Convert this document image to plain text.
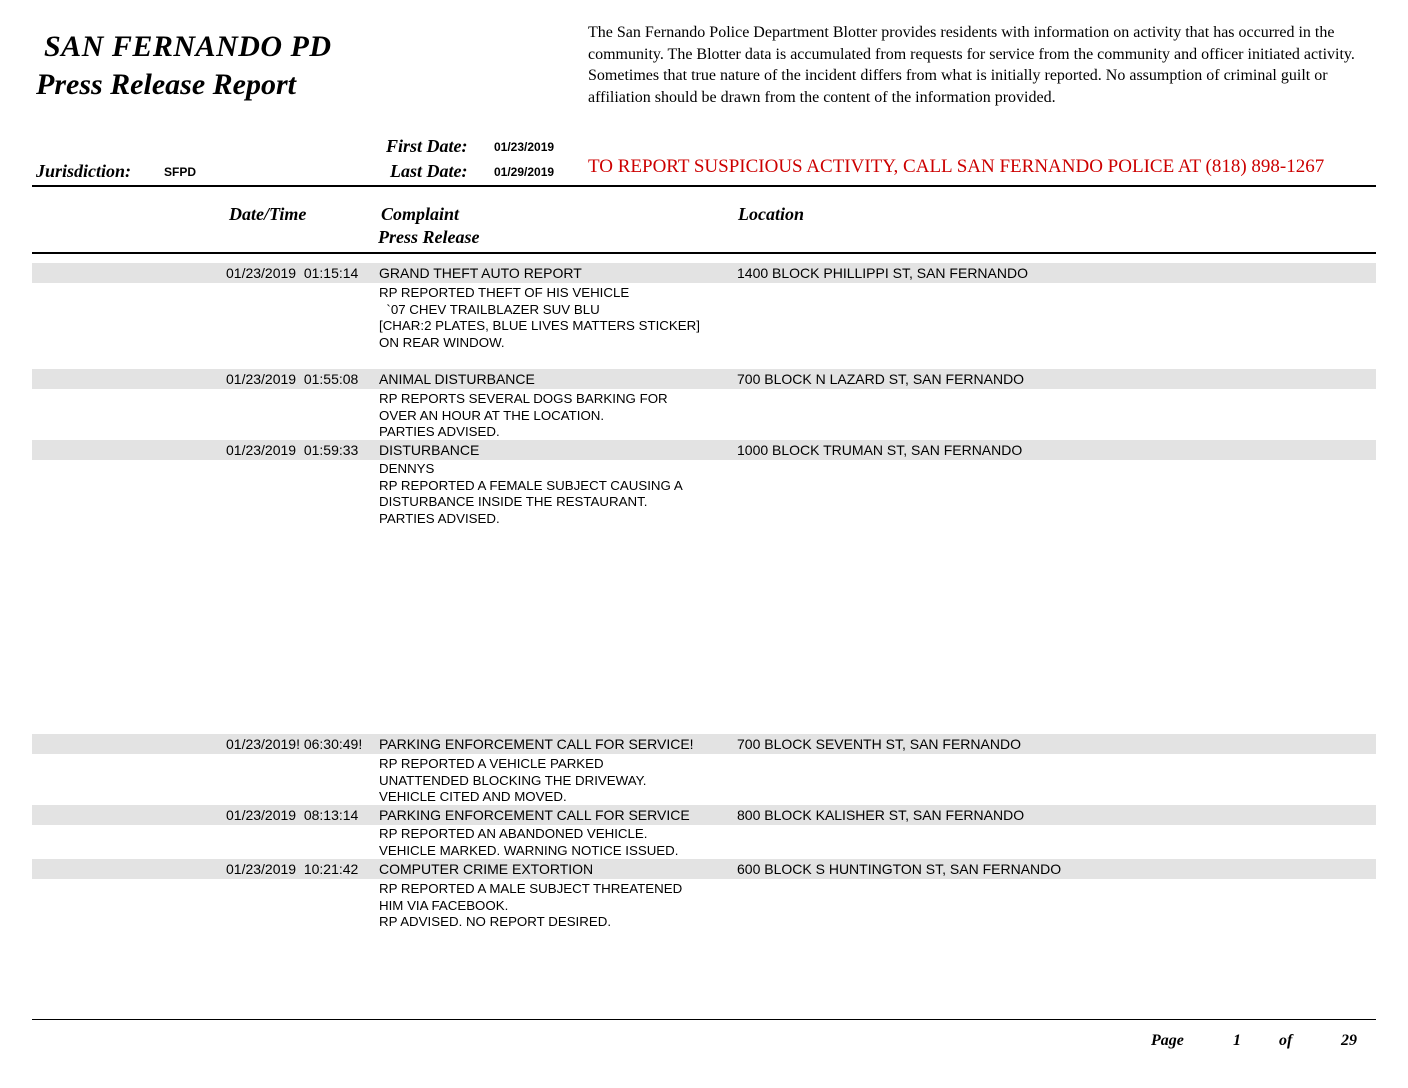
SAN FERNANDO PD
Press Release Report

The San Fernando Police Department Blotter provides residents with information on activity that has occurred in the community. The Blotter data is accumulated from requests for service from the community and officer initiated activity. Sometimes that true nature of the incident differs from what is initially reported. No assumption of criminal guilt or affiliation should be drawn from the content of the information provided.

First Date: 01/23/2019
Jurisdiction:	SFPD	Last Date: 01/29/2019 TO REPORT SUSPICIOUS ACTIVITY, CALL SAN FERNANDO POLICE AT (818) 898-1267
Date/Time	Complaint
Press Release
Location
01/23/2019  01:15:14 GRAND THEFT AUTO REPORT	1400 BLOCK PHILLIPPI ST, SAN FERNANDO
RP REPORTED THEFT OF HIS VEHICLE
`07 CHEV TRAILBLAZER SUV BLU
[CHAR:2 PLATES, BLUE LIVES MATTERS STICKER]
ON REAR WINDOW.
01/23/2019  01:55:08 ANIMAL DISTURBANCE	700 BLOCK N LAZARD ST, SAN FERNANDO
RP REPORTS SEVERAL DOGS BARKING FOR
OVER AN HOUR AT THE LOCATION.
PARTIES ADVISED.
01/23/2019  01:59:33 DISTURBANCE	1000 BLOCK TRUMAN ST, SAN FERNANDO
DENNYS
RP REPORTED A FEMALE SUBJECT CAUSING A
DISTURBANCE INSIDE THE RESTAURANT.
PARTIES ADVISED.
01/23/2019! 06:30:49! PARKING ENFORCEMENT CALL FOR SERVICE!	700 BLOCK SEVENTH ST, SAN FERNANDO
RP REPORTED A VEHICLE PARKED
UNATTENDED BLOCKING THE DRIVEWAY.
VEHICLE CITED AND MOVED.
01/23/2019  08:13:14 PARKING ENFORCEMENT CALL FOR SERVICE	800 BLOCK KALISHER ST, SAN FERNANDO
RP REPORTED AN ABANDONED VEHICLE.
VEHICLE MARKED. WARNING NOTICE ISSUED.
01/23/2019  10:21:42 COMPUTER CRIME EXTORTION	600 BLOCK S HUNTINGTON ST, SAN FERNANDO
RP REPORTED A MALE SUBJECT THREATENED
HIM VIA FACEBOOK.
RP ADVISED. NO REPORT DESIRED.
Page	1 of	29
